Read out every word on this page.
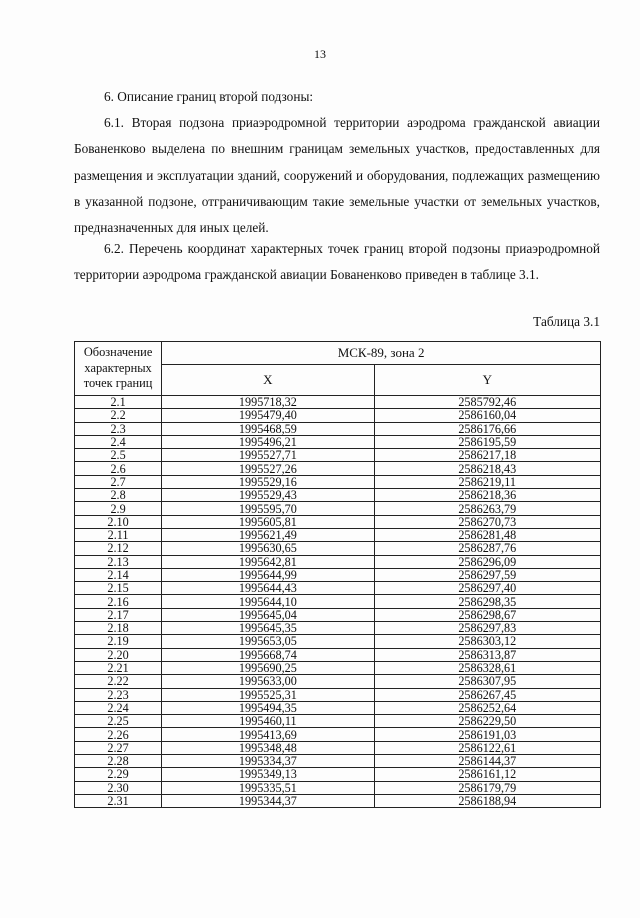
13
6. Описание границ второй подзоны:

6.1. Вторая подзона приаэродромной территории аэродрома гражданской авиации Бованенково выделена по внешним границам земельных участков, предоставленных для размещения и эксплуатации зданий, сооружений и оборудования, подлежащих размещению в указанной подзоне, отграничивающим такие земельные участки от земельных участков, предназначенных для иных целей.

6.2. Перечень координат характерных точек границ второй подзоны приаэродромной территории аэродрома гражданской авиации Бованенково приведен в таблице 3.1.

Таблица 3.1
Обозначение характерных точек границ	МСК-89, зона 2	
	X	Y
2.1	1995718,32	2585792,46
2.2	1995479,40	2586160,04
2.3	1995468,59	2586176,66
2.4	1995496,21	2586195,59
2.5	1995527,71	2586217,18
2.6	1995527,26	2586218,43
2.7	1995529,16	2586219,11
2.8	1995529,43	2586218,36
2.9	1995595,70	2586263,79
2.10	1995605,81	2586270,73
2.11	1995621,49	2586281,48
2.12	1995630,65	2586287,76
2.13	1995642,81	2586296,09
2.14	1995644,99	2586297,59
2.15	1995644,43	2586297,40
2.16	1995644,10	2586298,35
2.17	1995645,04	2586298,67
2.18	1995645,35	2586297,83
2.19	1995653,05	2586303,12
2.20	1995668,74	2586313,87
2.21	1995690,25	2586328,61
2.22	1995633,00	2586307,95
2.23	1995525,31	2586267,45
2.24	1995494,35	2586252,64
2.25	1995460,11	2586229,50
2.26	1995413,69	2586191,03
2.27	1995348,48	2586122,61
2.28	1995334,37	2586144,37
2.29	1995349,13	2586161,12
2.30	1995335,51	2586179,79
2.31	1995344,37	2586188,94
